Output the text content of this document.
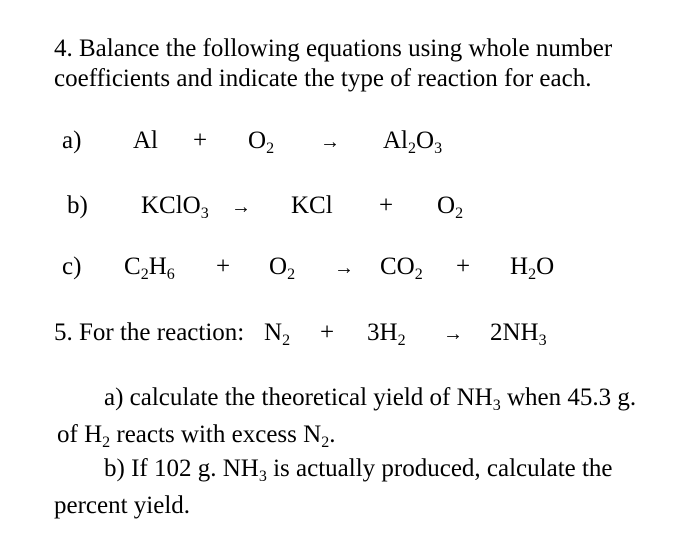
4. Balance the following equations using whole number
coefficients and indicate the type of reaction for each.
a) $Al + O_2 \to Al_2O_3$
b) KClO$_3$ → KCl + $O_2$
c) $C_2H_6 + O_2 \to CO_2 + H_2O$
5. For the reaction: $N_2 + 3H_2 \to 2NH_3$
a) calculate the theoretical yield of $NH_3$ when 45.3 g.
of $H_2$ reacts with excess $N_2$.
b) If 102 g. $NH_3$ is actually produced, calculate the
percent yield.
